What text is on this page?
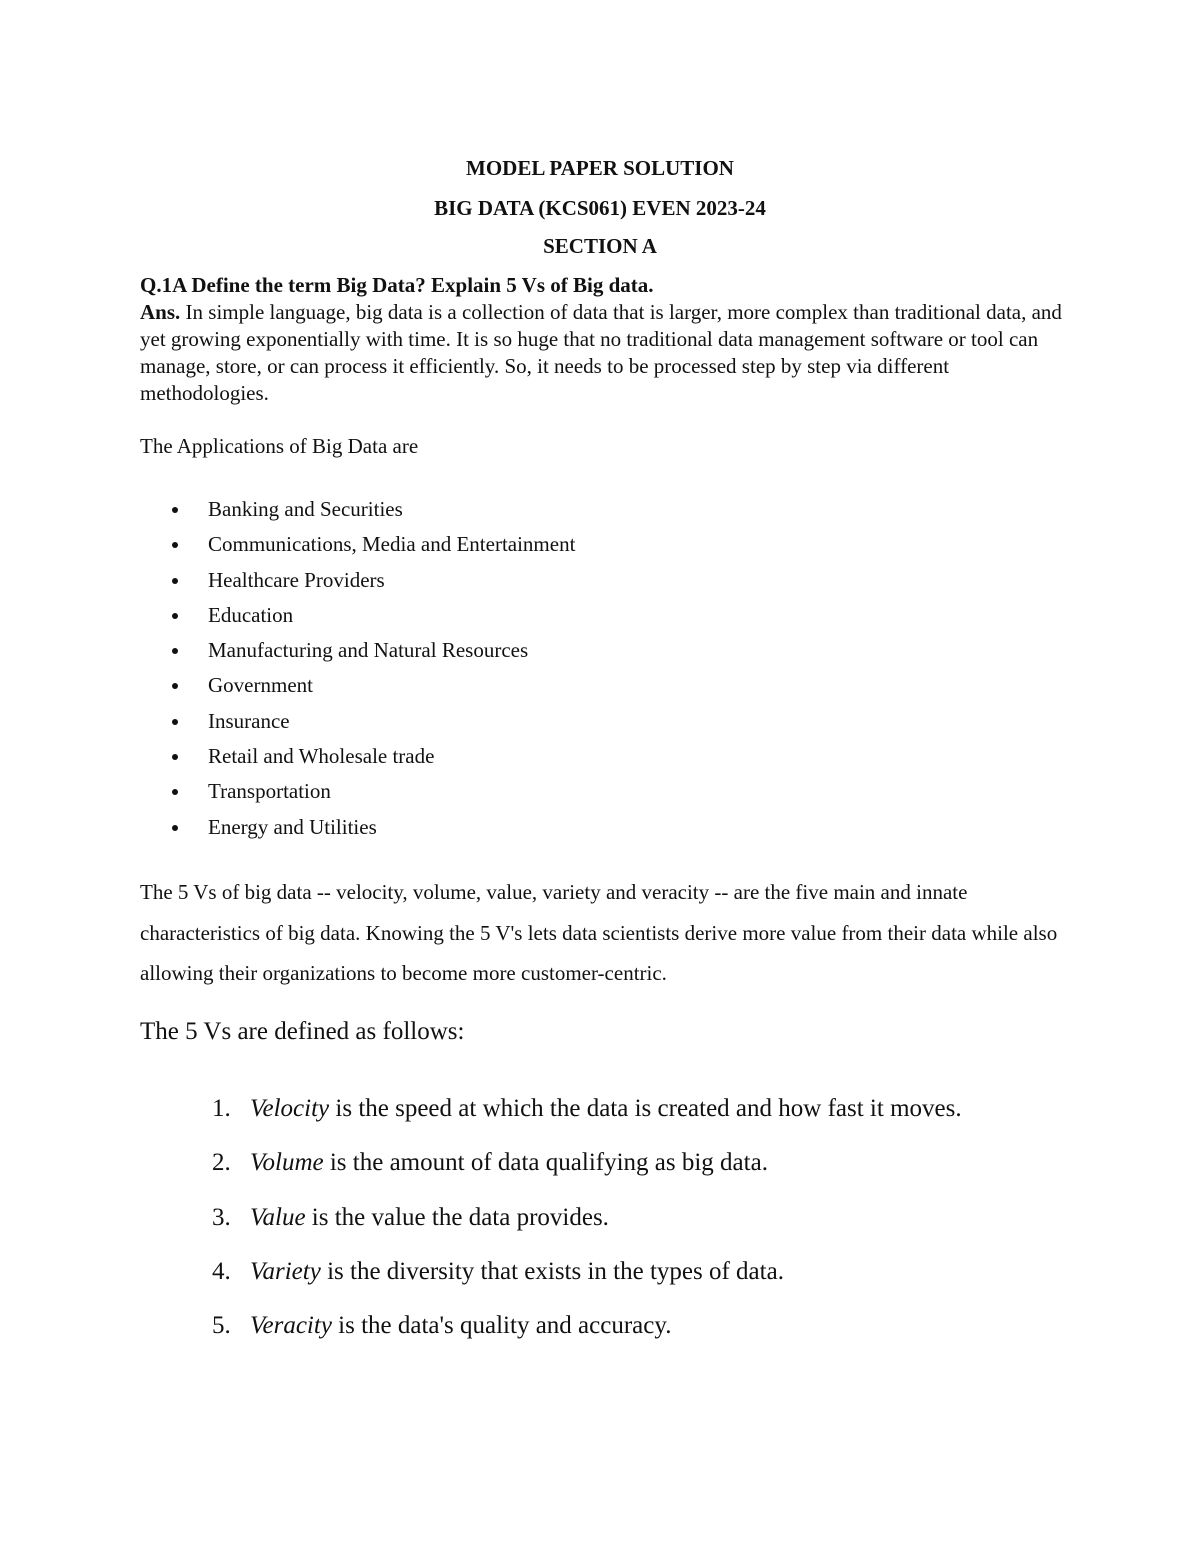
MODEL PAPER SOLUTION

BIG DATA (KCS061) EVEN 2023-24

SECTION A

Q.1A Define the term Big Data? Explain 5 Vs of Big data.

Ans. In simple language, big data is a collection of data that is larger, more complex than traditional data, and yet growing exponentially with time. It is so huge that no traditional data management software or tool can manage, store, or can process it efficiently. So, it needs to be processed step by step via different methodologies.

The Applications of Big Data are

Banking and Securities
Communications, Media and Entertainment
Healthcare Providers
Education
Manufacturing and Natural Resources
Government
Insurance
Retail and Wholesale trade
Transportation
Energy and Utilities

The 5 Vs of big data -- velocity, volume, value, variety and veracity -- are the five main and innate characteristics of big data. Knowing the 5 V's lets data scientists derive more value from their data while also allowing their organizations to become more customer-centric.

The 5 Vs are defined as follows:

1. Velocity is the speed at which the data is created and how fast it moves.
2. Volume is the amount of data qualifying as big data.
3. Value is the value the data provides.
4. Variety is the diversity that exists in the types of data.
5. Veracity is the data's quality and accuracy.
